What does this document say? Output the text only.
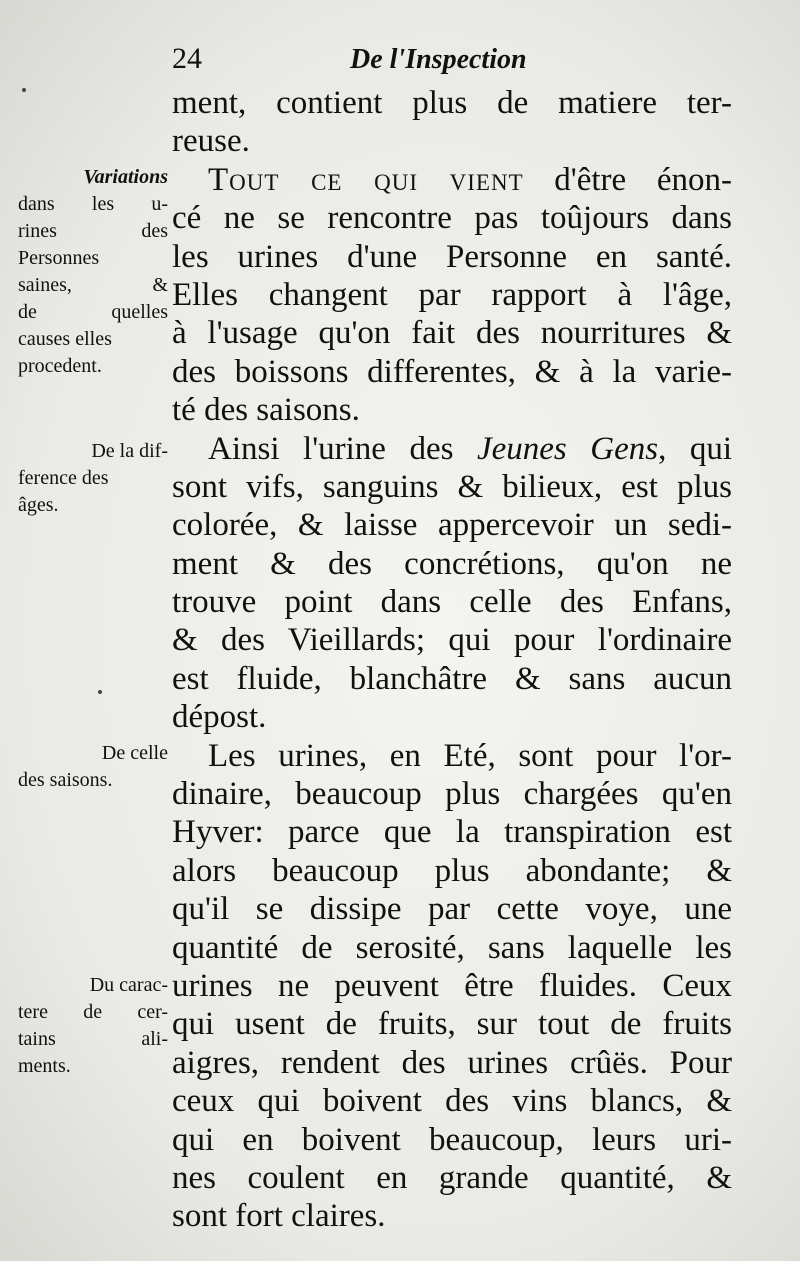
24	De l'Inspection
ment, contient plus de matiere ter-
reuse.
Tout ce qui vient d'être énon-
cé ne se rencontre pas toûjours dans
les urines d'une Personne en santé.
Elles changent par rapport à l'âge,
à l'usage qu'on fait des nourritures &
des boissons differentes, & à la varie-
té des saisons.
Ainsi l'urine des Jeunes Gens, qui
sont vifs, sanguins & bilieux, est plus
colorée, & laisse appercevoir un sedi-
ment & des concrétions, qu'on ne
trouve point dans celle des Enfans,
& des Vieillards; qui pour l'ordinaire
est fluide, blanchâtre & sans aucun
dépost.
Les urines, en Eté, sont pour l'or-
dinaire, beaucoup plus chargées qu'en
Hyver: parce que la transpiration est
alors beaucoup plus abondante; &
qu'il se dissipe par cette voye, une
quantité de serosité, sans laquelle les
urines ne peuvent être fluides. Ceux
qui usent de fruits, sur tout de fruits
aigres, rendent des urines crûës. Pour
ceux qui boivent des vins blancs, &
qui en boivent beaucoup, leurs uri-
nes coulent en grande quantité, &
sont fort claires.
Variations
dans les u-
rines des
Personnes
saines, &
de quelles
causes elles
procedent.
De la dif-
ference des
âges.
De celle
des saisons.
Du carac-
tere de cer-
tains ali-
ments.
